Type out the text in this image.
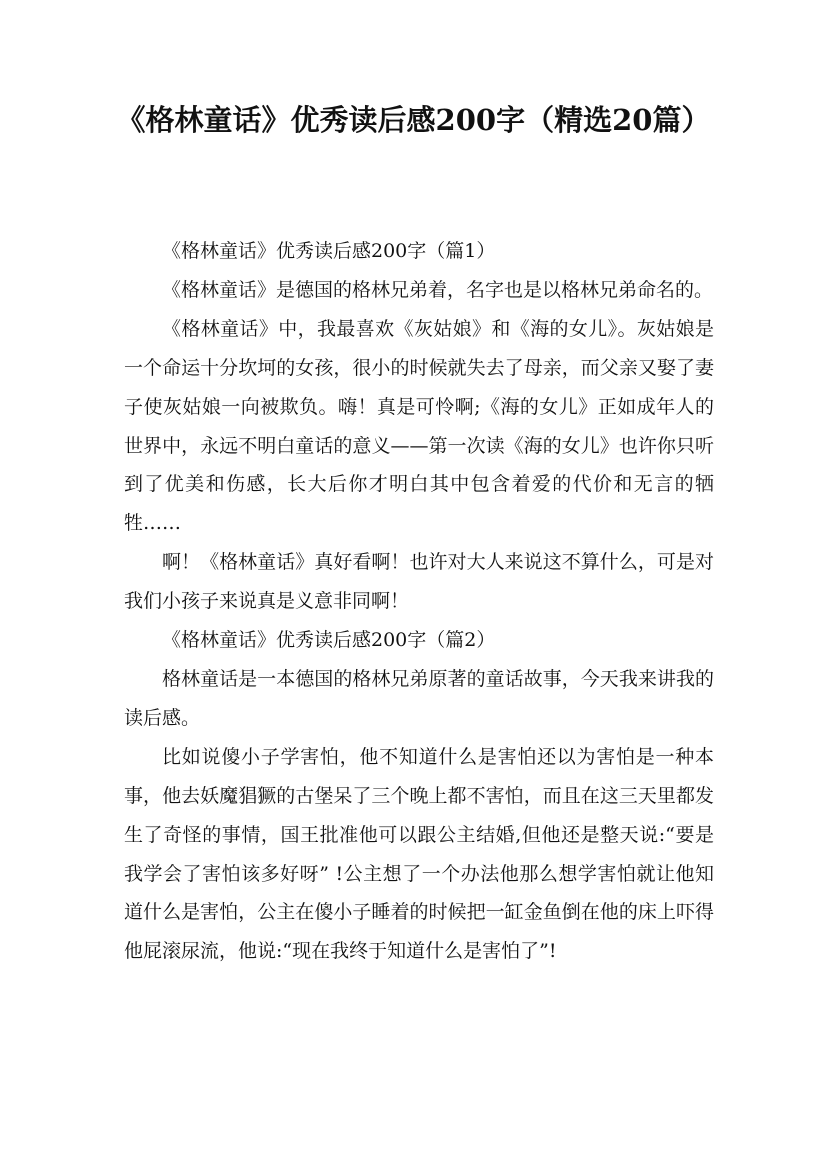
《格林童话》优秀读后感200字（精选20篇）

《格林童话》优秀读后感200字（篇1）

《格林童话》是德国的格林兄弟着，名字也是以格林兄弟命名的。

《格林童话》中，我最喜欢《灰姑娘》和《海的女儿》。灰姑娘是一个命运十分坎坷的女孩，很小的时候就失去了母亲，而父亲又娶了妻子使灰姑娘一向被欺负。嗨！真是可怜啊;《海的女儿》正如成年人的世界中，永远不明白童话的意义——第一次读《海的女儿》也许你只听到了优美和伤感，长大后你才明白其中包含着爱的代价和无言的牺牲……

啊！《格林童话》真好看啊！也许对大人来说这不算什么，可是对我们小孩子来说真是义意非同啊！

《格林童话》优秀读后感200字（篇2）

格林童话是一本德国的格林兄弟原著的童话故事，今天我来讲我的读后感。

比如说傻小子学害怕，他不知道什么是害怕还以为害怕是一种本事，他去妖魔猖獗的古堡呆了三个晚上都不害怕，而且在这三天里都发生了奇怪的事情，国王批准他可以跟公主结婚,但他还是整天说:“要是我学会了害怕该多好呀” !公主想了一个办法他那么想学害怕就让他知道什么是害怕，公主在傻小子睡着的时候把一缸金鱼倒在他的床上吓得他屁滚尿流，他说:“现在我终于知道什么是害怕了”!
